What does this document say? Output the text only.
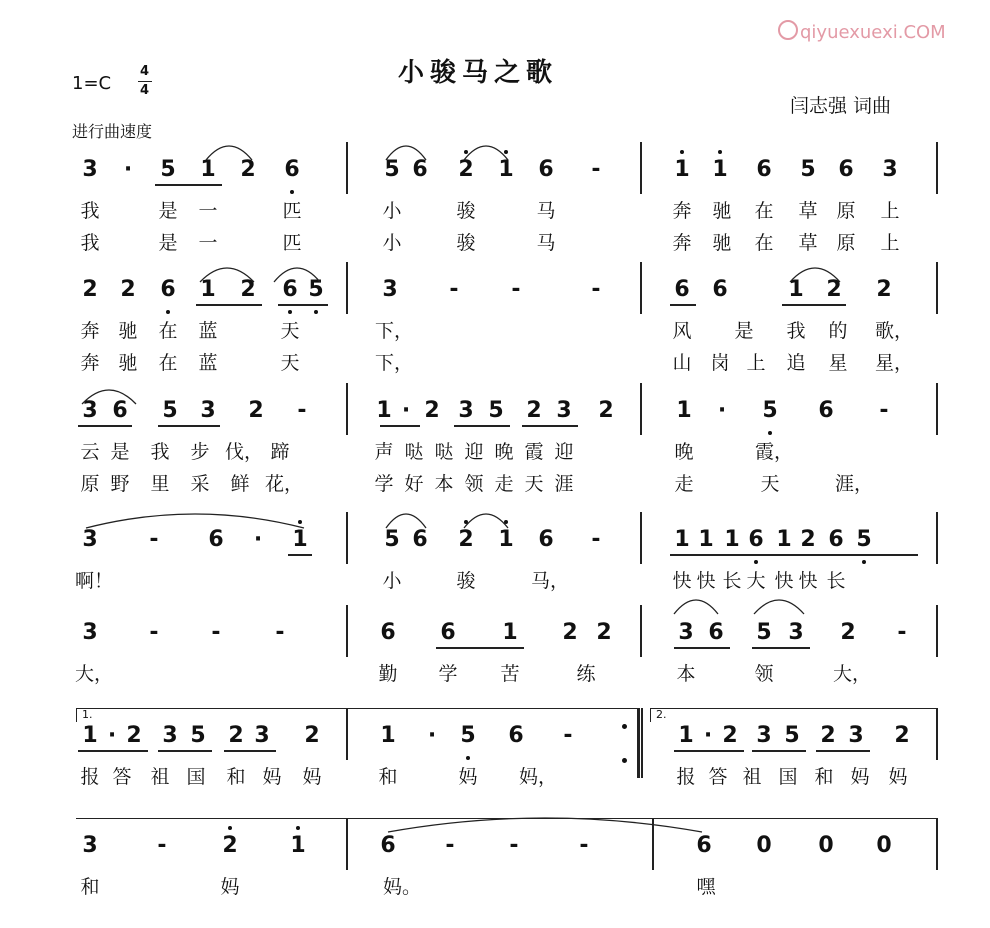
qiyuexuexi.COM
小骏马之歌
1=C
4
4
进行曲速度
闫志强 词曲
3	·	5 1 2 6	5 6 2 1 6	-	1 1 6 5 6 3
我	是 一	匹	小	骏	马	奔 驰 在 草 原 上
我	是 一	匹	小	骏	马	奔 驰 在 草 原 上
2 2 6 1 2 6 5	3	-	-	-	6 6	1 2 2
奔 驰 在 蓝	天	下，	风 是 我 的 歌，
奔 驰 在 蓝	天	下，	山 岗 上 追 星 星，
3 6 5 3 2	-	1 · 2 3 5 2 3 2	1	·	5 6	-
云 是 我 步 伐， 蹄	声 哒 哒 迎 晚 霞 迎	晚	霞，
原 野 里 采 鲜 花，	学 好 本 领 走 天 涯	走	天	涯，
3	-	6	·	1	5 6 2 1 6	-	1 1 1 6 1 2 6 5
啊！	小	骏	马，	快 快 长 大 快 快 长
3	-	-	-	6 6 1 2 2	3 6 5 3 2	-
大，	勤 学 苦	练	本	领	大，
1 · 2 3 5 2 3 2	1	·	5 6	-	1 · 2 3 5 2 3 2
报 答 祖 国 和 妈 妈	和	妈 妈，	报 答 祖 国 和 妈 妈
3	-	2 1	6	-	-	-	6 0 0 0
和	妈	妈。	嘿
1.	2.
